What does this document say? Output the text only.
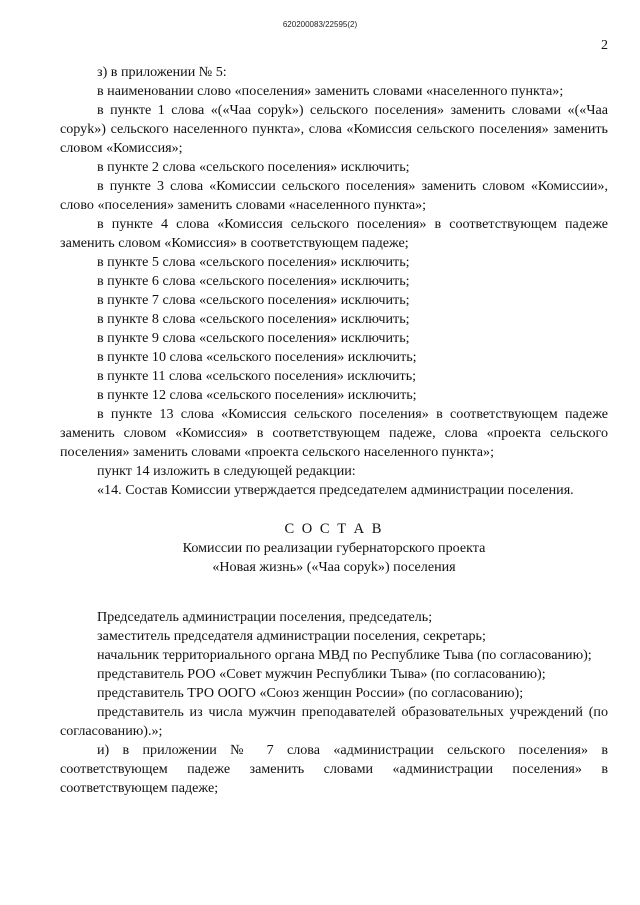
620200083/22595(2)
2

з) в приложении № 5:

в наименовании слово «поселения» заменить словами «населенного пункта»;

в пункте 1 слова «(«Чаа соруk») сельского поселения» заменить словами «(«Чаа соруk») сельского населенного пункта», слова «Комиссия сельского поселения» заменить словом «Комиссия»;

в пункте 2 слова «сельского поселения» исключить;

в пункте 3 слова «Комиссии сельского поселения» заменить словом «Комиссии», слово «поселения» заменить словами «населенного пункта»;

в пункте 4 слова «Комиссия сельского поселения» в соответствующем падеже заменить словом «Комиссия» в соответствующем падеже;

в пункте 5 слова «сельского поселения» исключить;

в пункте 6 слова «сельского поселения» исключить;

в пункте 7 слова «сельского поселения» исключить;

в пункте 8 слова «сельского поселения» исключить;

в пункте 9 слова «сельского поселения» исключить;

в пункте 10 слова «сельского поселения» исключить;

в пункте 11 слова «сельского поселения» исключить;

в пункте 12 слова «сельского поселения» исключить;

в пункте 13 слова «Комиссия сельского поселения» в соответствующем падеже заменить словом «Комиссия» в соответствующем падеже, слова «проекта сельского поселения» заменить словами «проекта сельского населенного пункта»;

пункт 14 изложить в следующей редакции:

«14. Состав Комиссии утверждается председателем администрации поселения.

С О С Т А В

Комиссии по реализации губернаторского проекта

«Новая жизнь» («Чаа соруk») поселения

Председатель администрации поселения, председатель;

заместитель председателя администрации поселения, секретарь;

начальник территориального органа МВД по Республике Тыва (по согласованию);

представитель РОО «Совет мужчин Республики Тыва» (по согласованию);

представитель ТРО ООГО «Союз женщин России» (по согласованию);

представитель из числа мужчин преподавателей образовательных учреждений (по согласованию).»;

и) в приложении № 7 слова «администрации сельского поселения» в соответствующем падеже заменить словами «администрации поселения» в соответствующем падеже;
